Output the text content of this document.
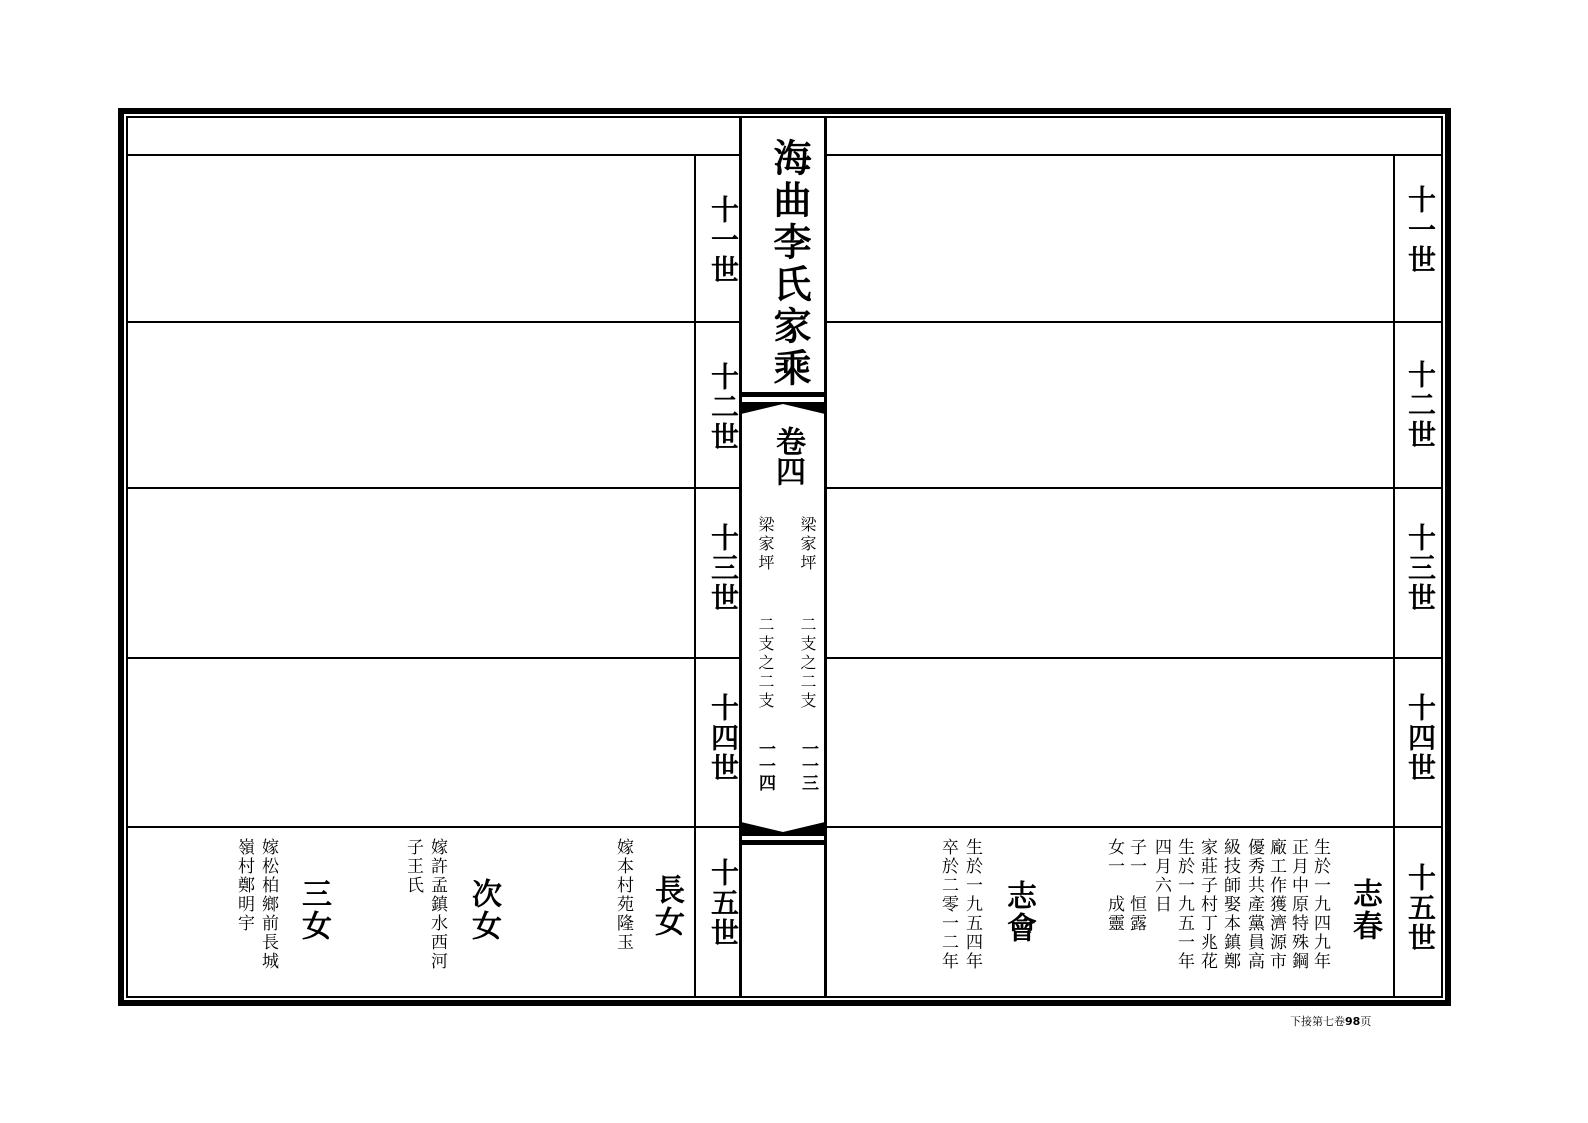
海曲李氏家乘
卷四
梁家坪
梁家坪
二支之二支
二支之二支
一一三
一一四
十一世
十二世
十三世
十四世
十五世
十一世
十二世
十三世
十四世
十五世
志春
生於一九四九年
正月中原特殊鋼
廠工作獲濟源市
優秀共產黨員高
級技師娶本鎮鄭
家莊子村丁兆花
生於一九五一年
四月六日
子一　恒露
女一　成靈
志會
生於一九五四年
卒於二零一二年
長女
嫁本村苑隆玉
次女
嫁許孟鎮水西河
子王氏
三女
嫁松柏鄉前長城
嶺村鄭明宇
下接第七卷98页
